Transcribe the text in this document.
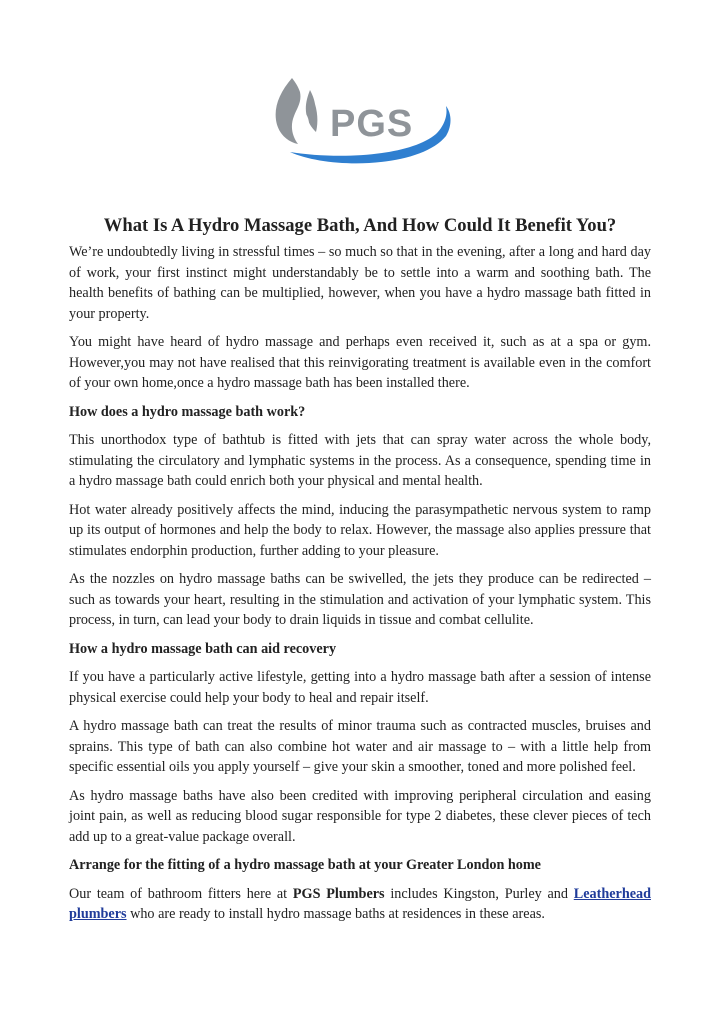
PGS
What Is A Hydro Massage Bath, And How Could It Benefit You?

We’re undoubtedly living in stressful times – so much so that in the evening, after a long and hard day of work, your first instinct might understandably be to settle into a warm and soothing bath. The health benefits of bathing can be multiplied, however, when you have a hydro massage bath fitted in your property.

You might have heard of hydro massage and perhaps even received it, such as at a spa or gym. However,you may not have realised that this reinvigorating treatment is available even in the comfort of your own home,once a hydro massage bath has been installed there.

How does a hydro massage bath work?

This unorthodox type of bathtub is fitted with jets that can spray water across the whole body, stimulating the circulatory and lymphatic systems in the process. As a consequence, spending time in a hydro massage bath could enrich both your physical and mental health.

Hot water already positively affects the mind, inducing the parasympathetic nervous system to ramp up its output of hormones and help the body to relax. However, the massage also applies pressure that stimulates endorphin production, further adding to your pleasure.

As the nozzles on hydro massage baths can be swivelled, the jets they produce can be redirected – such as towards your heart, resulting in the stimulation and activation of your lymphatic system. This process, in turn, can lead your body to drain liquids in tissue and combat cellulite.

How a hydro massage bath can aid recovery

If you have a particularly active lifestyle, getting into a hydro massage bath after a session of intense physical exercise could help your body to heal and repair itself.

A hydro massage bath can treat the results of minor trauma such as contracted muscles, bruises and sprains. This type of bath can also combine hot water and air massage to – with a little help from specific essential oils you apply yourself – give your skin a smoother, toned and more polished feel.

As hydro massage baths have also been credited with improving peripheral circulation and easing joint pain, as well as reducing blood sugar responsible for type 2 diabetes, these clever pieces of tech add up to a great-value package overall.

Arrange for the fitting of a hydro massage bath at your Greater London home

Our team of bathroom fitters here at PGS Plumbers includes Kingston, Purley and Leatherhead plumbers who are ready to install hydro massage baths at residences in these areas.
